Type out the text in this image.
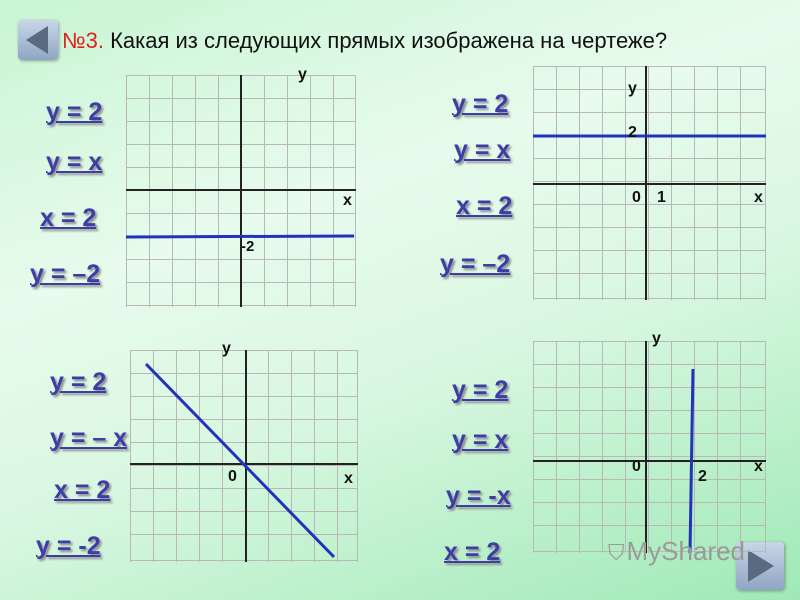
№3. Какая из следующих прямых изображена на чертеже?
y
x
-2
y = 2
y = x
x = 2
y = –2
y
2
0 1	x
y = 2
y = x
x = 2
y = –2
y
0	x
y = 2
y = – x
x = 2
y = -2
y
0
2
x
y = 2
y = x
y = -x
x = 2	⛉MyShared
